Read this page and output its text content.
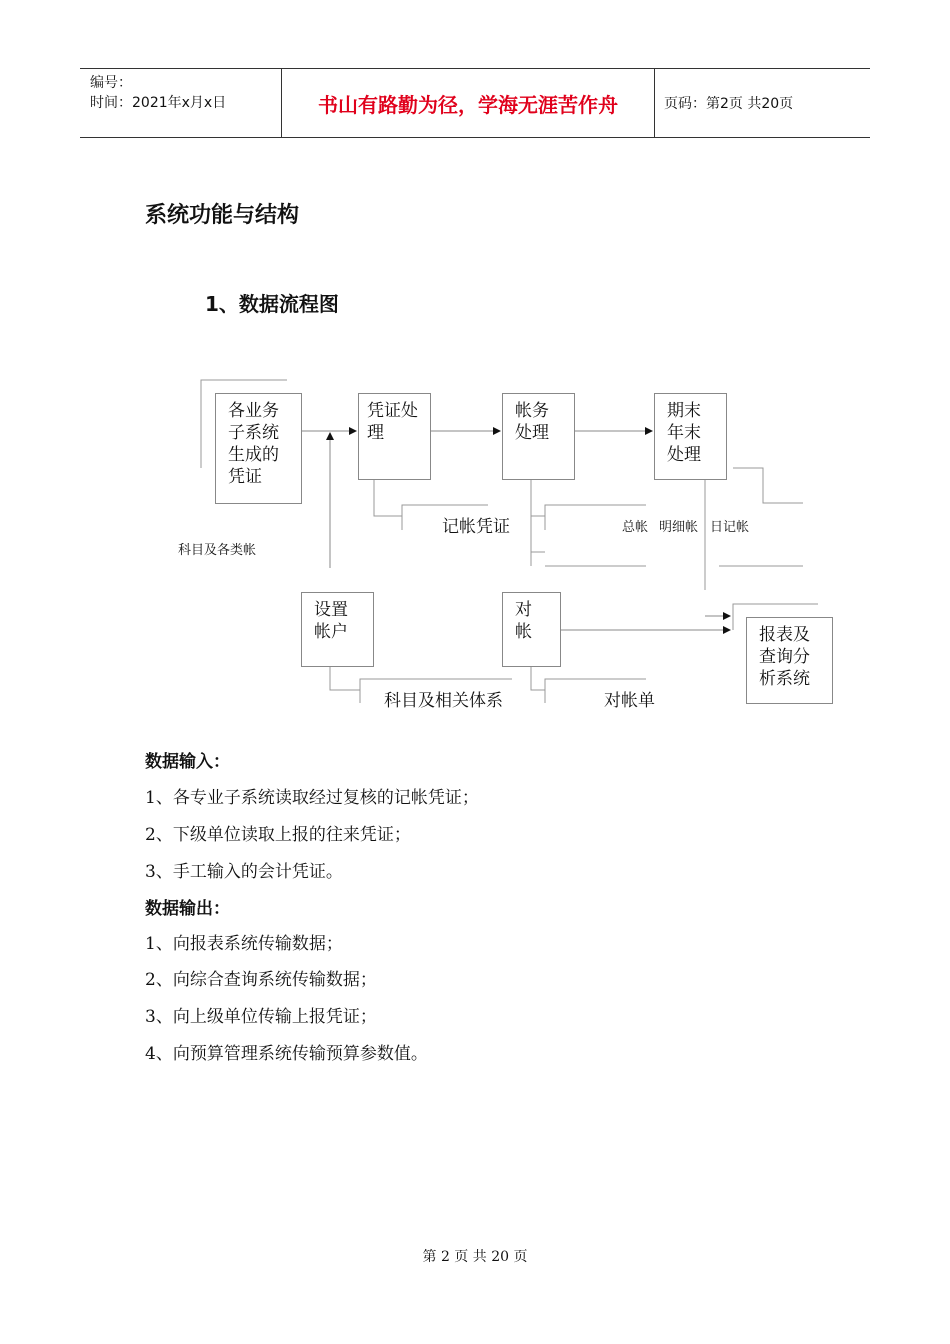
编号：
时间：2021年x月x日	书山有路勤为径，学海无涯苦作舟	页码：第2页 共20页
系统功能与结构
1、数据流程图
各业务
子系统
生成的
凭证
凭证处
理
帐务
处理
期末
年末
处理
设置
帐户
对
帐	报表及
查询分
析系统
记帐凭证
科目及各类帐
总帐 明细帐 日记帐
科目及相关体系	对帐单
数据输入：
1、各专业子系统读取经过复核的记帐凭证；
2、下级单位读取上报的往来凭证；
3、手工输入的会计凭证。
数据输出：
1、向报表系统传输数据；
2、向综合查询系统传输数据；
3、向上级单位传输上报凭证；
4、向预算管理系统传输预算参数值。
第 2 页 共 20 页
